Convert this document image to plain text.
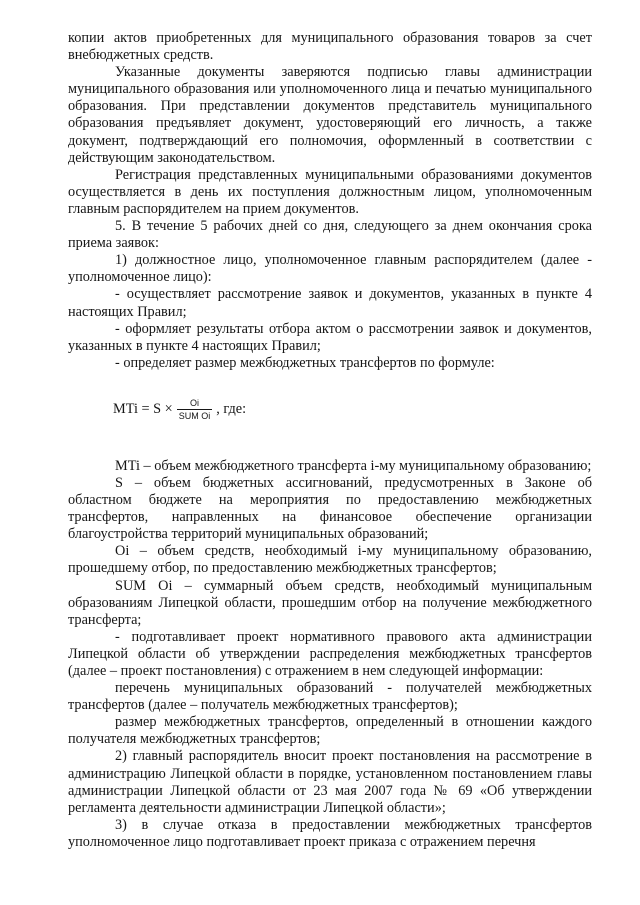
копии актов приобретенных для муниципального образования товаров за счет внебюджетных средств.

Указанные документы заверяются подписью главы администрации муниципального образования или уполномоченного лица и печатью муниципального образования. При представлении документов представитель муниципального образования предъявляет документ, удостоверяющий его личность, а также документ, подтверждающий его полномочия, оформленный в соответствии с действующим законодательством.

Регистрация представленных муниципальными образованиями документов осуществляется в день их поступления должностным лицом, уполномоченным главным распорядителем на прием документов.

5. В течение 5 рабочих дней со дня, следующего за днем окончания срока приема заявок:

1) должностное лицо, уполномоченное главным распорядителем (далее - уполномоченное лицо):

- осуществляет рассмотрение заявок и документов, указанных в пункте 4 настоящих Правил;

- оформляет результаты отбора актом о рассмотрении заявок и документов, указанных в пункте 4 настоящих Правил;

- определяет размер межбюджетных трансфертов по формуле:

MTi = $S \times \frac{Oi}{\text{SUM Oi}}$ , где:

MTi – объем межбюджетного трансферта i-му муниципальному образованию;

S – объем бюджетных ассигнований, предусмотренных в Законе об областном бюджете на мероприятия по предоставлению межбюджетных трансфертов, направленных на финансовое обеспечение организации благоустройства территорий муниципальных образований;

Oi – объем средств, необходимый i-му муниципальному образованию, прошедшему отбор, по предоставлению межбюджетных трансфертов;

SUM Oi – суммарный объем средств, необходимый муниципальным образованиям Липецкой области, прошедшим отбор на получение межбюджетного трансферта;

- подготавливает проект нормативного правового акта администрации Липецкой области об утверждении распределения межбюджетных трансфертов (далее – проект постановления) с отражением в нем следующей информации:

перечень муниципальных образований - получателей межбюджетных трансфертов (далее – получатель межбюджетных трансфертов);

размер межбюджетных трансфертов, определенный в отношении каждого получателя межбюджетных трансфертов;

2) главный распорядитель вносит проект постановления на рассмотрение в администрацию Липецкой области в порядке, установленном постановлением главы администрации Липецкой области от 23 мая 2007 года № 69 «Об утверждении регламента деятельности администрации Липецкой области»;

3) в случае отказа в предоставлении межбюджетных трансфертов уполномоченное лицо подготавливает проект приказа с отражением перечня
